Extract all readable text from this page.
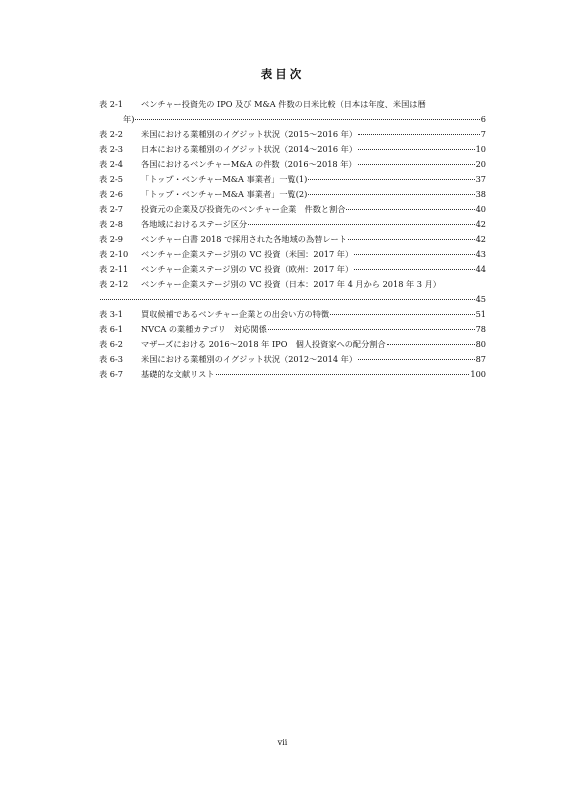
表目次
表 2-1	ベンチャー投資先の IPO 及び M&A 件数の日米比較（日本は年度、米国は暦
年)	6
表 2-2	米国における業種別のイグジット状況（2015〜2016 年）	7
表 2-3	日本における業種別のイグジット状況（2014〜2016 年）	10
表 2-4	各国におけるベンチャーM&A の件数（2016〜2018 年）	20
表 2-5	「トップ・ベンチャーM&A 事業者」一覧(1)	37
表 2-6	「トップ・ベンチャーM&A 事業者」一覧(2)	38
表 2-7	投資元の企業及び投資先のベンチャー企業　件数と割合	40
表 2-8	各地域におけるステージ区分	42
表 2-9	ベンチャー白書 2018 で採用された各地域の為替レート	42
表 2-10	ベンチャー企業ステージ別の VC 投資（米国：2017 年）	43
表 2-11	ベンチャー企業ステージ別の VC 投資（欧州：2017 年）	44
表 2-12	ベンチャー企業ステージ別の VC 投資（日本：2017 年 4 月から 2018 年 3 月）
45
表 3-1	買収候補であるベンチャー企業との出会い方の特徴	51
表 6-1	NVCA の業種カテゴリ　対応関係	78
表 6-2	マザーズにおける 2016〜2018 年 IPO　個人投資家への配分割合	80
表 6-3	米国における業種別のイグジット状況（2012〜2014 年）	87
表 6-7	基礎的な文献リスト	100
vii
